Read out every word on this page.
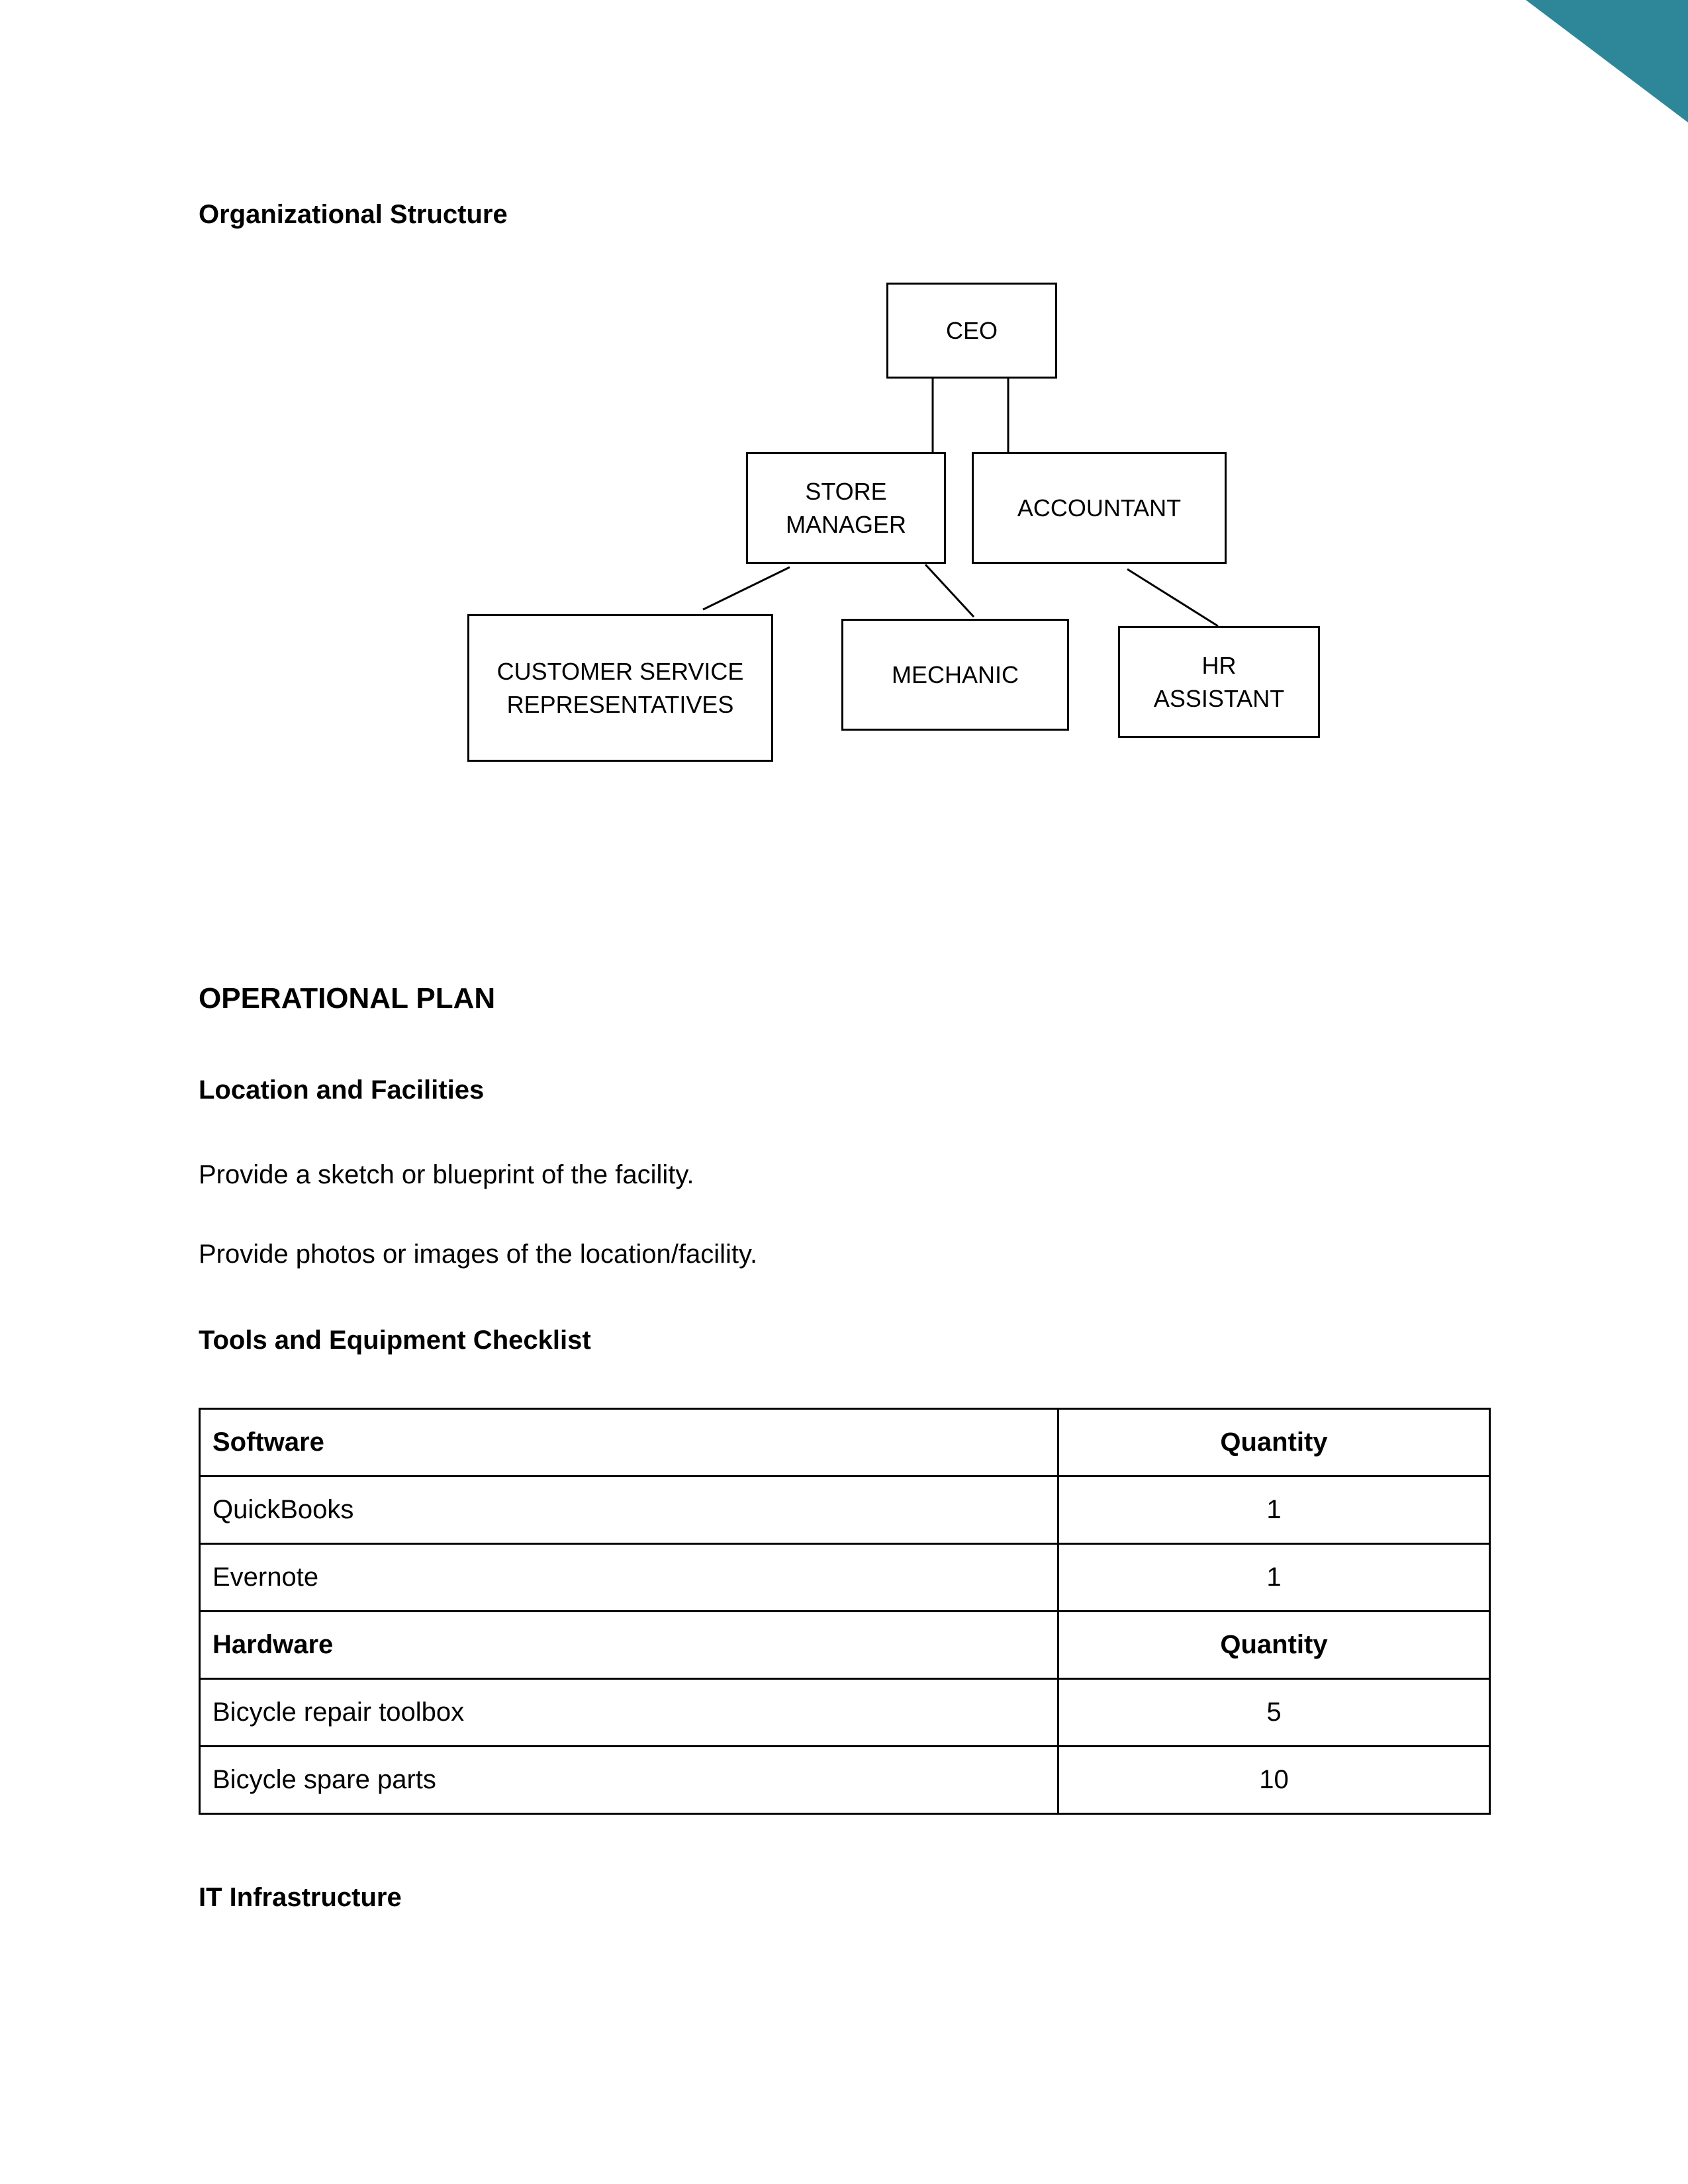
Organizational Structure
CEO
STORE
MANAGER
ACCOUNTANT
CUSTOMER SERVICE
REPRESENTATIVES
MECHANIC	HR
ASSISTANT
OPERATIONAL PLAN
Location and Facilities

Provide a sketch or blueprint of the facility.

Provide photos or images of the location/facility.

Tools and Equipment Checklist
Software	Quantity
QuickBooks	1
Evernote	1
Hardware	Quantity
Bicycle repair toolbox	5
Bicycle spare parts	10
IT Infrastructure
